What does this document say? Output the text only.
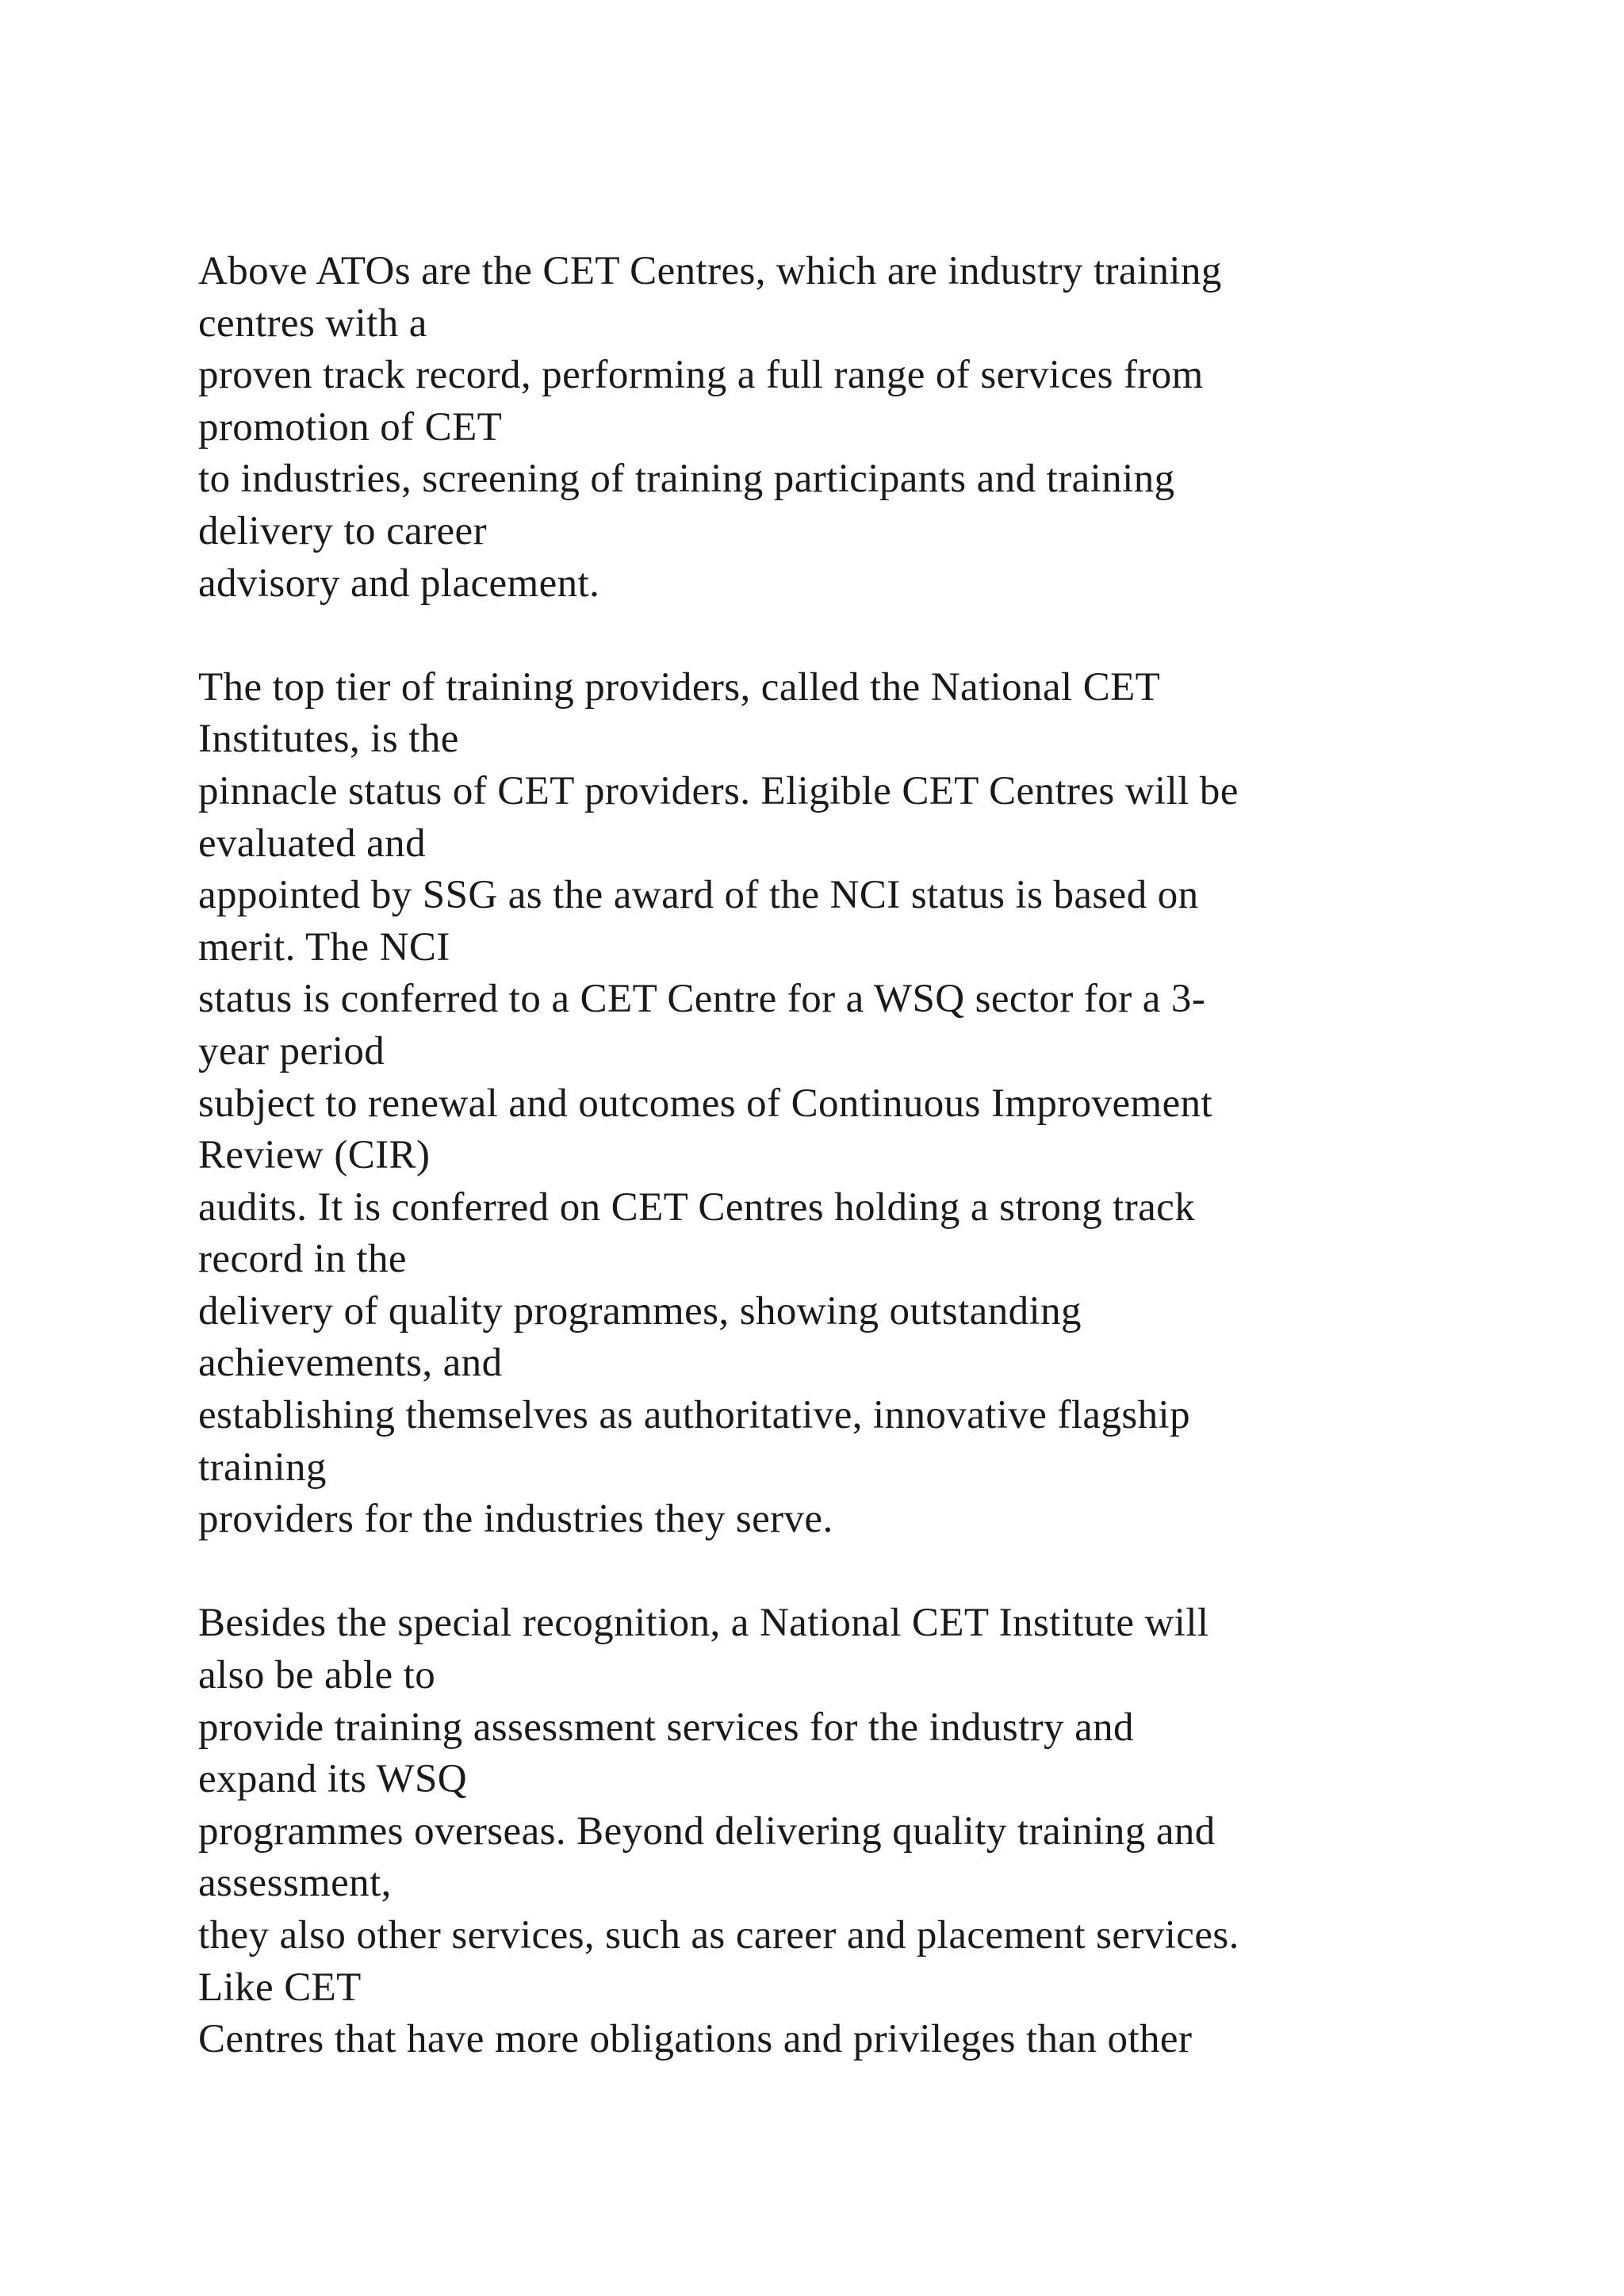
Above ATOs are the CET Centres, which are industry training
centres with a
proven track record, performing a full range of services from
promotion of CET
to industries, screening of training participants and training
delivery to career
advisory and placement.
The top tier of training providers, called the National CET
Institutes, is the
pinnacle status of CET providers. Eligible CET Centres will be
evaluated and
appointed by SSG as the award of the NCI status is based on
merit. The NCI
status is conferred to a CET Centre for a WSQ sector for a 3-
year period
subject to renewal and outcomes of Continuous Improvement
Review (CIR)
audits. It is conferred on CET Centres holding a strong track
record in the
delivery of quality programmes, showing outstanding
achievements, and
establishing themselves as authoritative, innovative flagship
training
providers for the industries they serve.
Besides the special recognition, a National CET Institute will
also be able to
provide training assessment services for the industry and
expand its WSQ
programmes overseas. Beyond delivering quality training and
assessment,
they also other services, such as career and placement services.
Like CET
Centres that have more obligations and privileges than other
